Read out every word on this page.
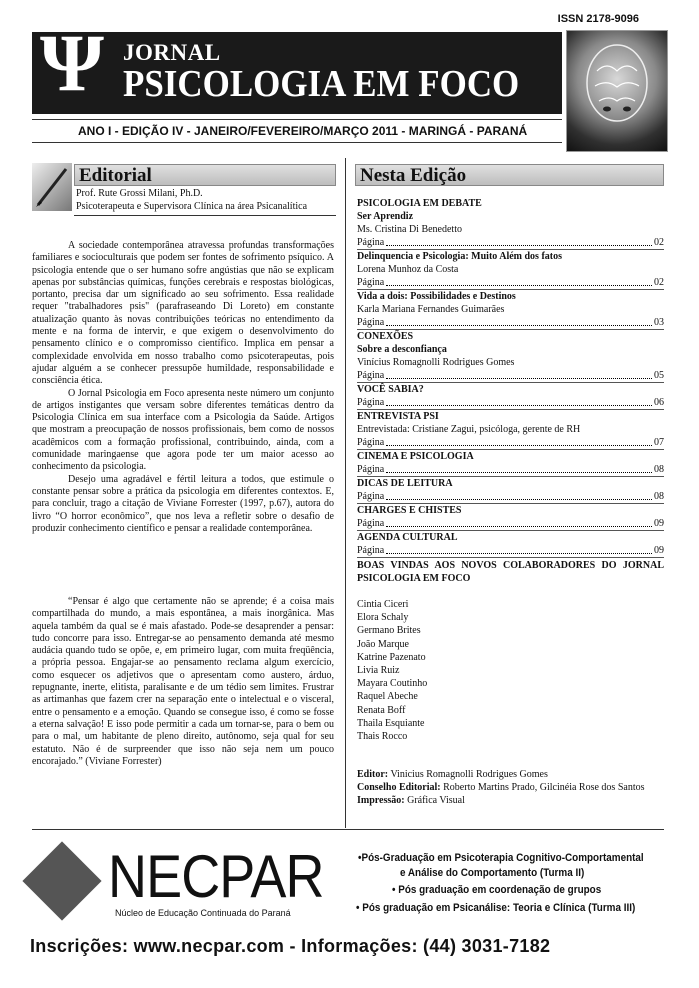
ISSN 2178-9096
Ψ JORNAL
PSICOLOGIA EM FOCO
ANO I - EDIÇÃO IV - JANEIRO/FEVEREIRO/MARÇO 2011 - MARINGÁ - PARANÁ
Editorial
Prof. Rute Grossi Milani, Ph.D.
Psicoterapeuta e Supervisora Clínica na área Psicanalítica

A sociedade contemporânea atravessa profundas transformações familiares e socioculturais que podem ser fontes de sofrimento psíquico. A psicologia entende que o ser humano sofre angústias que não se explicam apenas por substâncias químicas, funções cerebrais e respostas biológicas, portanto, precisa dar um significado ao seu sofrimento. Essa realidade requer "trabalhadores psis" (parafraseando Di Loreto) em constante atualização quanto às novas contribuições teóricas no entendimento da mente e na forma de intervir, e que exigem o desenvolvimento do pensamento clínico e o compromisso científico. Implica em pensar a complexidade envolvida em nosso trabalho como psicoterapeutas, pois ajudar alguém a se conhecer pressupõe humildade, responsabilidade e consciência ética.

O Jornal Psicologia em Foco apresenta neste número um conjunto de artigos instigantes que versam sobre diferentes temáticas dentro da Psicologia Clínica em sua interface com a Psicologia da Saúde. Artigos que mostram a preocupação de nossos profissionais, bem como de nossos acadêmicos com a formação profissional, contribuindo, ainda, com a comunidade maringaense que agora pode ter um maior acesso ao conhecimento da psicologia.

Desejo uma agradável e fértil leitura a todos, que estimule o constante pensar sobre a prática da psicologia em diferentes contextos. E, para concluir, trago a citação de Viviane Forrester (1997, p.67), autora do livro “O horror econômico”, que nos leva a refletir sobre o desafio de produzir conhecimento científico e pensar a realidade contemporânea.

“Pensar é algo que certamente não se aprende; é a coisa mais compartilhada do mundo, a mais espontânea, a mais inorgânica. Mas aquela também da qual se é mais afastado. Pode-se desaprender a pensar: tudo concorre para isso. Entregar-se ao pensamento demanda até mesmo audácia quando tudo se opõe, e, em primeiro lugar, com muita freqüência, a própria pessoa. Engajar-se ao pensamento reclama algum exercício, como esquecer os adjetivos que o apresentam como austero, árduo, repugnante, inerte, elitista, paralisante e de um tédio sem limites. Frustrar as artimanhas que fazem crer na separação ente o intelectual e o visceral, entre o pensamento e a emoção. Quando se consegue isso, é como se fosse a eterna salvação! E isso pode permitir a cada um tornar-se, para o bem ou para o mal, um habitante de pleno direito, autônomo, seja qual for seu estatuto. Não é de surpreender que isso não seja nem um pouco encorajado.” (Viviane Forrester)
Nesta Edição
PSICOLOGIA EM DEBATE
Ser Aprendiz
Ms. Cristina Di Benedetto
Página	02
Delinquencia e Psicologia: Muito Além dos fatos
Lorena Munhoz da Costa
Página	02
Vida a dois: Possibilidades e Destinos
Karla Mariana Fernandes Guimarães
Página	03
CONEXÕES
Sobre a desconfiança
Vinícius Romagnolli Rodrigues Gomes
Página	05
VOCÊ SABIA?
Página	06
ENTREVISTA PSI
Entrevistada: Cristiane Zagui, psicóloga, gerente de RH
Página	07
CINEMA E PSICOLOGIA
Página	08
DICAS DE LEITURA
Página	08
CHARGES E CHISTES
Página	09
AGENDA CULTURAL
Página	09
BOAS VINDAS AOS NOVOS COLABORADORES DO JORNAL PSICOLOGIA EM FOCO
Cintia Ciceri
Elora Schaly
Germano Brites
João Marque
Katrine Pazenato
Livia Ruiz
Mayara Coutinho
Raquel Abeche
Renata Boff
Thaila Esquiante
Thais Rocco
Editor: Vinicius Romagnolli Rodrigues Gomes
Conselho Editorial: Roberto Martins Prado, Gilcinéia Rose dos Santos
Impressão: Gráfica Visual
NECPAR
Núcleo de Educação Continuada do Paraná
•Pós-Graduação em Psicoterapia Cognitivo-Comportamental
e Análise do Comportamento (Turma II)
• Pós graduação em coordenação de grupos
• Pós graduação em Psicanálise: Teoria e Clínica (Turma III)
Inscrições: www.necpar.com - Informações: (44) 3031-7182
